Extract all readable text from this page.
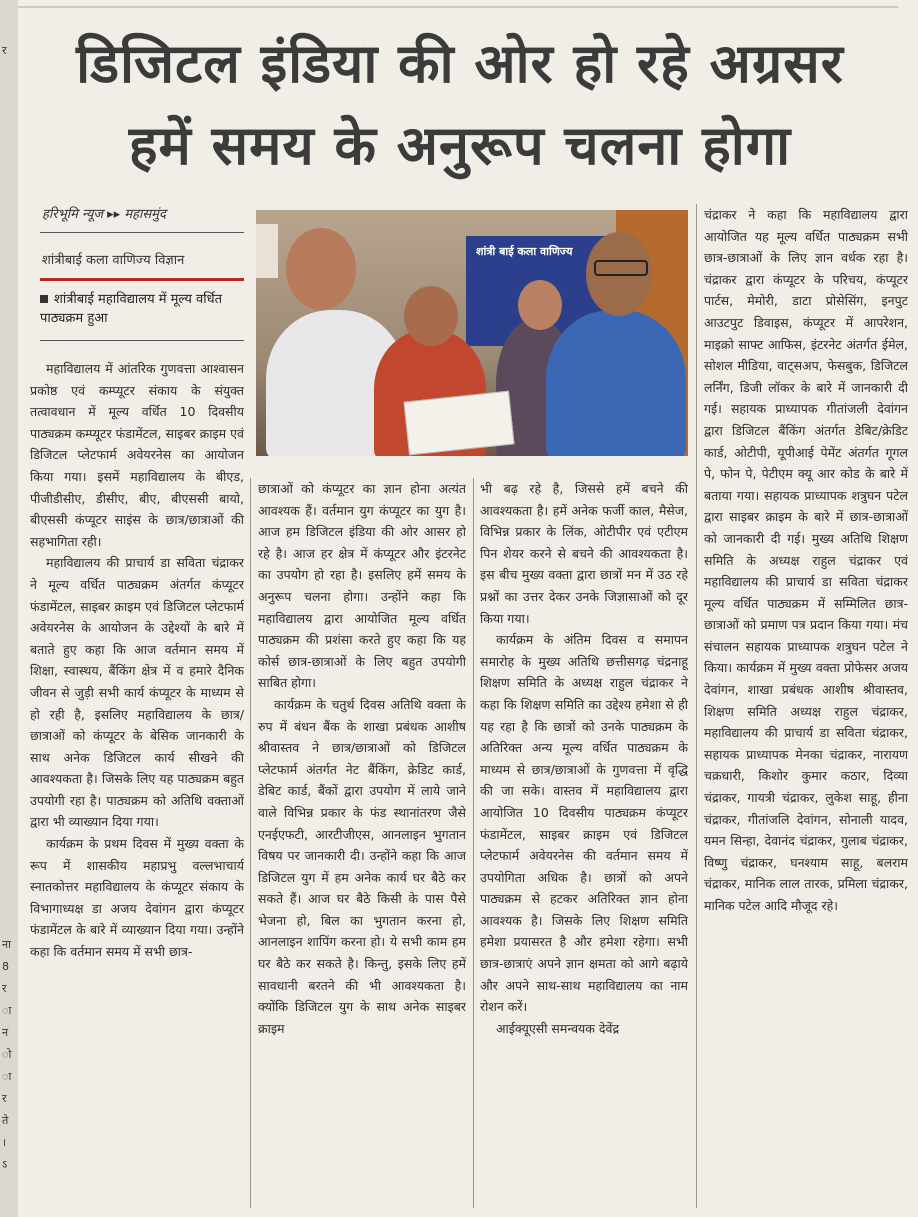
र
ना
8
र
ा
न
ो
ा
र
ते
।
ऽ
डिजिटल इंडिया की ओर हो रहे अग्रसर
हमें समय के अनुरूप चलना होगा
हरिभूमि न्यूज ▸▸ महासमुंद
शांत्रीबाई कला वाणिज्य विज्ञान
शांत्रीबाई महाविद्यालय में मूल्य वर्धित पाठ्यक्रम हुआ
शांत्री बाई कला वाणिज्य

महाविद्यालय में आंतरिक गुणवत्ता आश्वासन प्रकोष्ठ एवं कम्प्यूटर संकाय के संयुक्त तत्वावधान में मूल्य वर्धित 10 दिवसीय पाठ्यक्रम कम्प्यूटर फंडामेंटल, साइबर क्राइम एवं डिजिटल प्लेटफार्म अवेयरनेस का आयोजन किया गया। इसमें महाविद्यालय के बीएड, पीजीडीसीए, डीसीए, बीए, बीएससी बायो, बीएससी कंप्यूटर साइंस के छात्र/छात्राओं की सहभागिता रही।

महाविद्यालय की प्राचार्य डा सविता चंद्राकर ने मूल्य वर्धित पाठ्यक्रम अंतर्गत कंप्यूटर फंडामेंटल, साइबर क्राइम एवं डिजिटल प्लेटफार्म अवेयरनेस के आयोजन के उद्देश्यों के बारे में बताते हुए कहा कि आज वर्तमान समय में शिक्षा, स्वास्थय, बैंकिंग क्षेत्र में व हमारे दैनिक जीवन से जुड़ी सभी कार्य कंप्यूटर के माध्यम से हो रही है, इसलिए महाविद्यालय के छात्र/छात्राओं को कंप्यूटर के बेसिक जानकारी के साथ अनेक डिजिटल कार्य सीखने की आवश्यकता है। जिसके लिए यह पाठ्यक्रम बहुत उपयोगी रहा है। पाठ्यक्रम को अतिथि वक्ताओं द्वारा भी व्याख्यान दिया गया।

कार्यक्रम के प्रथम दिवस में मुख्य वक्ता के रूप में शासकीय महाप्रभु वल्लभाचार्य स्नातकोत्तर महाविद्यालय के कंप्यूटर संकाय के विभागाध्यक्ष डा अजय देवांगन द्वारा कंप्यूटर फंडामेंटल के बारे में व्याख्यान दिया गया। उन्होंने कहा कि वर्तमान समय में सभी छात्र-

छात्राओं को कंप्यूटर का ज्ञान होना अत्यंत आवश्यक हैं। वर्तमान युग कंप्यूटर का युग है। आज हम डिजिटल इंडिया की ओर आसर हो रहे है। आज हर क्षेत्र में कंप्यूटर और इंटरनेट का उपयोग हो रहा है। इसलिए हमें समय के अनुरूप चलना होगा। उन्होंने कहा कि महाविद्यालय द्वारा आयोजित मूल्य वर्धित पाठ्यक्रम की प्रशंसा करते हुए कहा कि यह कोर्स छात्र-छात्राओं के लिए बहुत उपयोगी साबित होगा।

कार्यक्रम के चतुर्थ दिवस अतिथि वक्ता के रुप में बंधन बैंक के शाखा प्रबंधक आशीष श्रीवास्तव ने छात्र/छात्राओं को डिजिटल प्लेटफार्म अंतर्गत नेट बैंकिंग, क्रेडिट कार्ड, डेबिट कार्ड, बैंकों द्वारा उपयोग में लाये जाने वाले विभिन्न प्रकार के फंड स्थानांतरण जैसे एनईएफटी, आरटीजीएस, आनलाइन भुगतान विषय पर जानकारी दी। उन्होंने कहा कि आज डिजिटल युग में हम अनेक कार्य घर बैठे कर सकते हैं। आज घर बैठे किसी के पास पैसे भेजना हो, बिल का भुगतान करना हो, आनलाइन शापिंग करना हो। ये सभी काम हम घर बैठे कर सकते है। किन्तु, इसके लिए हमें सावधानी बरतने की भी आवश्यकता है। क्योंकि डिजिटल युग के साथ अनेक साइबर क्राइम

भी बढ़ रहे है, जिससे हमें बचने की आवश्यकता है। हमें अनेक फर्जी काल, मैसेज, विभिन्न प्रकार के लिंक, ओटीपीर एवं एटीएम पिन शेयर करने से बचने की आवश्यकता है। इस बीच मुख्य वक्ता द्वारा छात्रों मन में उठ रहे प्रश्नों का उत्तर देकर उनके जिज्ञासाओं को दूर किया गया।

कार्यक्रम के अंतिम दिवस व समापन समारोह के मुख्य अतिथि छत्तीसगढ़ चंद्रनाहू शिक्षण समिति के अध्यक्ष राहुल चंद्राकर ने कहा कि शिक्षण समिति का उद्देश्य हमेशा से ही यह रहा है कि छात्रों को उनके पाठ्यक्रम के अतिरिक्त अन्य मूल्य वर्धित पाठ्यक्रम के माध्यम से छात्र/छात्राओं के गुणवत्ता में वृद्धि की जा सके। वास्तव में महाविद्यालय द्वारा आयोजित 10 दिवसीय पाठ्यक्रम कंप्यूटर फंडामेंटल, साइबर क्राइम एवं डिजिटल प्लेटफार्म अवेयरनेस की वर्तमान समय में उपयोगिता अधिक है। छात्रों को अपने पाठ्यक्रम से हटकर अतिरिक्त ज्ञान होना आवश्यक है। जिसके लिए शिक्षण समिति हमेशा प्रयासरत है और हमेशा रहेगा। सभी छात्र-छात्राएं अपने ज्ञान क्षमता को आगे बढ़ाये और अपने साथ-साथ महाविद्यालय का नाम रोशन करें।

आईक्यूएसी समन्वयक देवेंद्र

चंद्राकर ने कहा कि महाविद्यालय द्वारा आयोजित यह मूल्य वर्धित पाठ्यक्रम सभी छात्र-छात्राओं के लिए ज्ञान वर्धक रहा है। चंद्राकर द्वारा कंप्यूटर के परिचय, कंप्यूटर पार्टस, मेमोरी, डाटा प्रोसेसिंग, इनपुट आउटपुट डिवाइस, कंप्यूटर में आपरेशन, माइक्रो साफ्ट आफिस, इंटरनेट अंतर्गत ईमेल, सोशल मीडिया, वाट्सअप, फेसबुक, डिजिटल लर्निंग, डिजी लॉकर के बारे में जानकारी दी गई। सहायक प्राध्यापक गीतांजली देवांगन द्वारा डिजिटल बैंकिंग अंतर्गत डेबिट/क्रेडिट कार्ड, ओटीपी, यूपीआई पेमेंट अंतर्गत गूगल पे, फोन पे, पेटीएम क्यू आर कोड के बारे में बताया गया। सहायक प्राध्यापक शत्रुघन पटेल द्वारा साइबर क्राइम के बारे में छात्र-छात्राओं को जानकारी दी गई। मुख्य अतिथि शिक्षण समिति के अध्यक्ष राहुल चंद्राकर एवं महाविद्यालय की प्राचार्य डा सविता चंद्राकर मूल्य वर्धित पाठ्यक्रम में सम्मिलित छात्र-छात्राओं को प्रमाण पत्र प्रदान किया गया। मंच संचालन सहायक प्राध्यापक शत्रुघन पटेल ने किया। कार्यक्रम में मुख्य वक्ता प्रोफेसर अजय देवांगन, शाखा प्रबंधक आशीष श्रीवास्तव, शिक्षण समिति अध्यक्ष राहुल चंद्राकर, महाविद्यालय की प्राचार्य डा सविता चंद्राकर, सहायक प्राध्यापक मेनका चंद्राकर, नारायण चक्रधारी, किशोर कुमार कठार, दिव्या चंद्राकर, गायत्री चंद्राकर, लुकेश साहू, हीना चंद्राकर, गीतांजलि देवांगन, सोनाली यादव, यमन सिन्हा, देवानंद चंद्राकर, गुलाब चंद्राकर, विष्णु चंद्राकर, घनश्याम साहू, बलराम चंद्राकर, मानिक लाल तारक, प्रमिला चंद्राकर, मानिक पटेल आदि मौजूद रहे।
